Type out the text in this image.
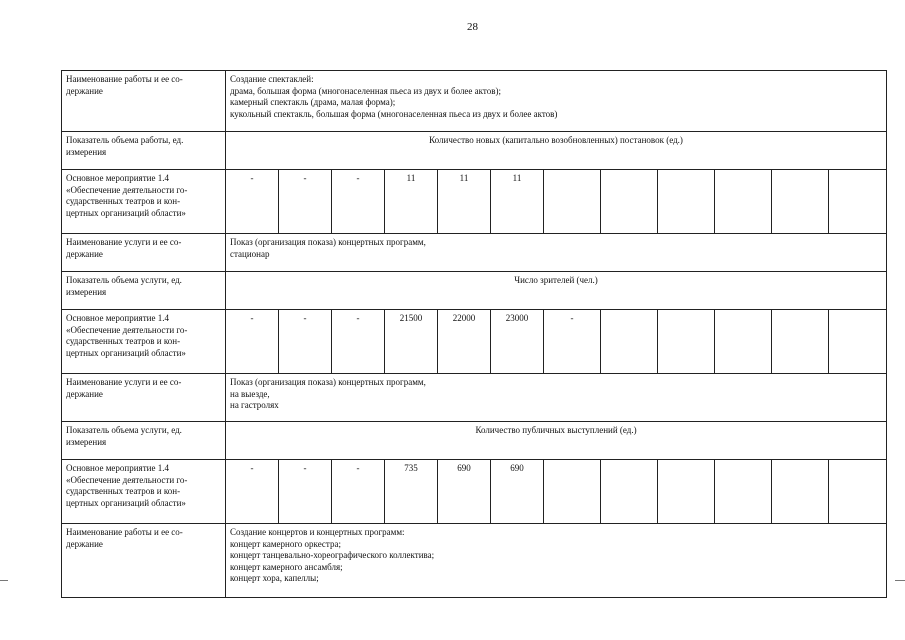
28
Наименование работы и ее со-
держание	Создание спектаклей:
драма, большая форма (многонаселенная пьеса из двух и более актов);
камерный спектакль (драма, малая форма);
кукольный спектакль, большая форма (многонаселенная пьеса из двух и более актов)											
Показатель объема работы, ед.
измерения	Количество новых (капитально возобновленных) постановок (ед.)											
Основное мероприятие 1.4
«Обеспечение деятельности го-
сударственных театров и кон-
цертных организаций области»	-	-	-	11	11	11						
Наименование услуги и ее со-
держание	Показ (организация показа) концертных программ,
стационар											
Показатель объема услуги, ед.
измерения	Число зрителей (чел.)											
Основное мероприятие 1.4
«Обеспечение деятельности го-
сударственных театров и кон-
цертных организаций области»	-	-	-	21500	22000	23000	-					
Наименование услуги и ее со-
держание	Показ (организация показа) концертных программ,
на выезде,
на гастролях											
Показатель объема услуги, ед.
измерения	Количество публичных выступлений (ед.)											
Основное мероприятие 1.4
«Обеспечение деятельности го-
сударственных театров и кон-
цертных организаций области»	-	-	-	735	690	690						
Наименование работы и ее со-
держание	Создание концертов и концертных программ:
концерт камерного оркестра;
концерт танцевально-хореографического коллектива;
концерт камерного ансамбля;
концерт хора, капеллы;											
